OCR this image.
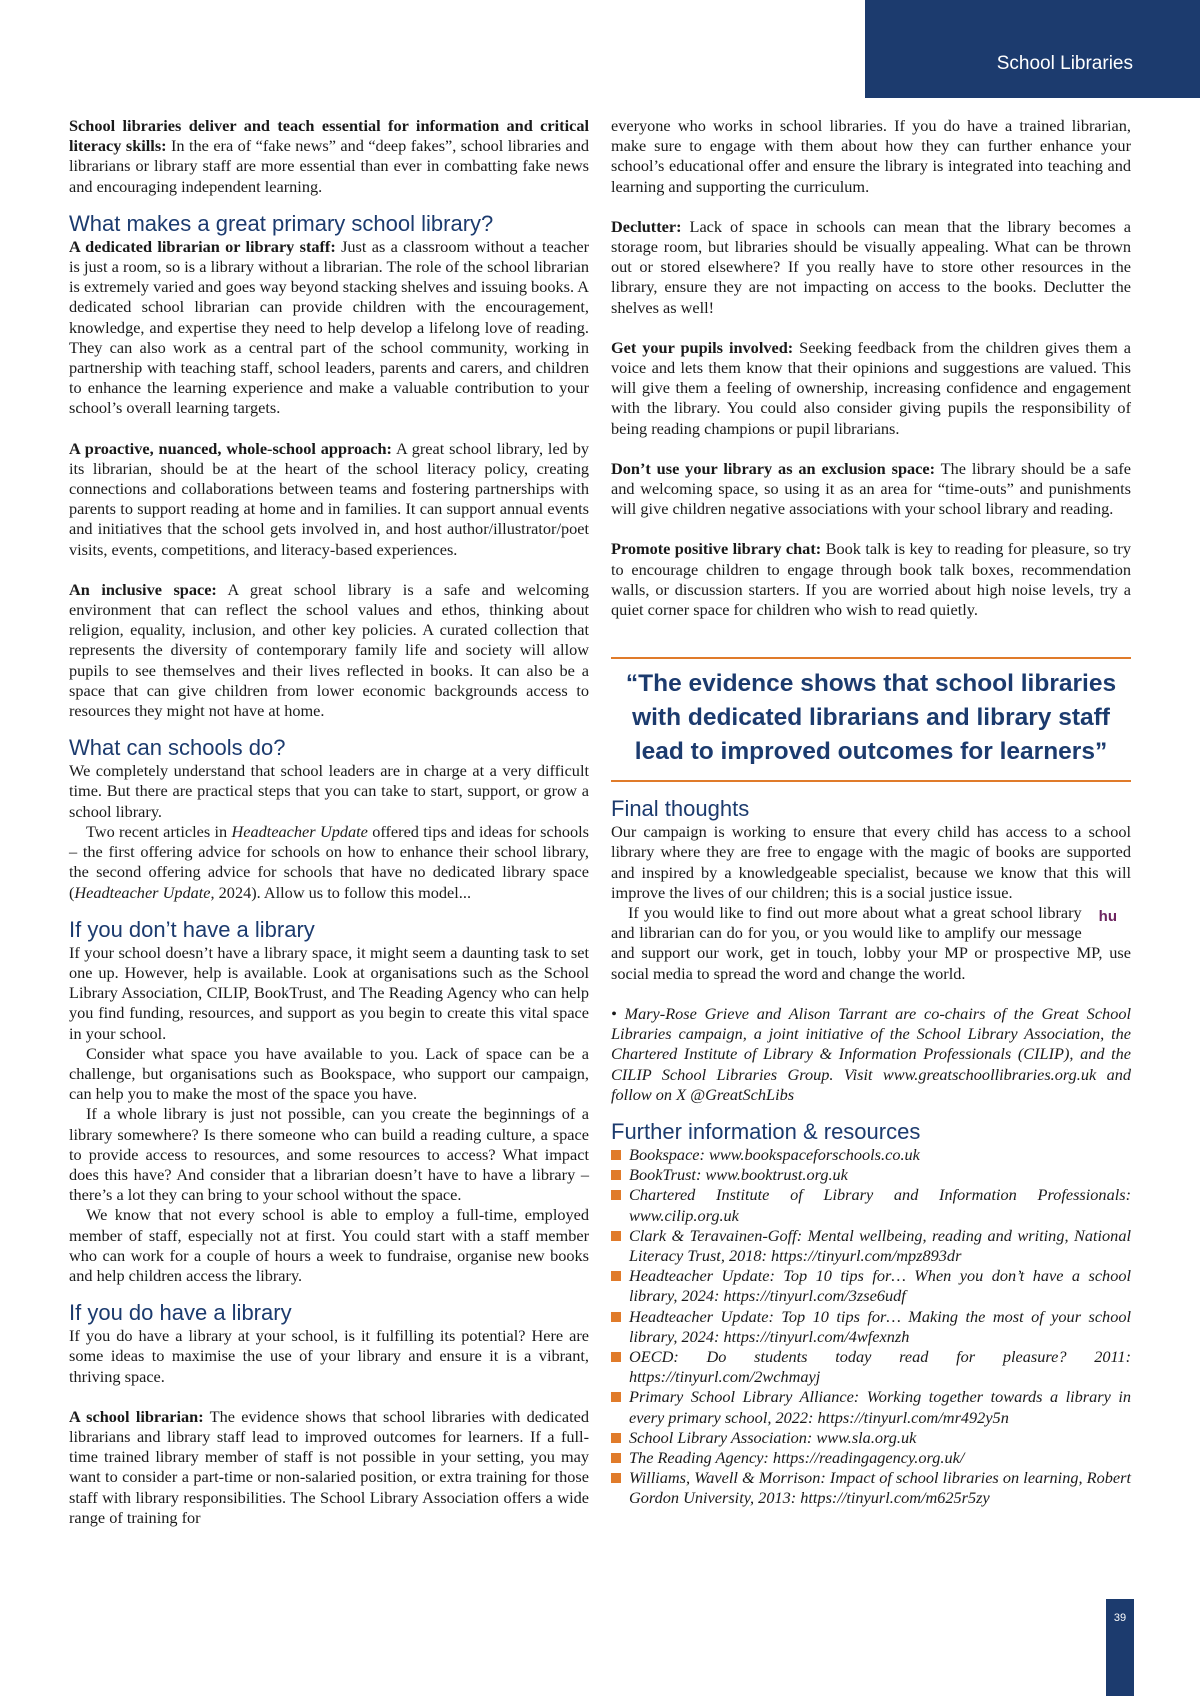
School Libraries

School libraries deliver and teach essential for information and critical literacy skills: In the era of “fake news” and “deep fakes”, school libraries and librarians or library staff are more essential than ever in combatting fake news and encouraging independent learning.

What makes a great primary school library?

A dedicated librarian or library staff: Just as a classroom without a teacher is just a room, so is a library without a librarian. The role of the school librarian is extremely varied and goes way beyond stacking shelves and issuing books. A dedicated school librarian can provide children with the encouragement, knowledge, and expertise they need to help develop a lifelong love of reading. They can also work as a central part of the school community, working in partnership with teaching staff, school leaders, parents and carers, and children to enhance the learning experience and make a valuable contribution to your school’s overall learning targets.

A proactive, nuanced, whole-school approach: A great school library, led by its librarian, should be at the heart of the school literacy policy, creating connections and collaborations between teams and fostering partnerships with parents to support reading at home and in families. It can support annual events and initiatives that the school gets involved in, and host author/illustrator/poet visits, events, competitions, and literacy-based experiences.

An inclusive space: A great school library is a safe and welcoming environment that can reflect the school values and ethos, thinking about religion, equality, inclusion, and other key policies. A curated collection that represents the diversity of contemporary family life and society will allow pupils to see themselves and their lives reflected in books. It can also be a space that can give children from lower economic backgrounds access to resources they might not have at home.

What can schools do?

We completely understand that school leaders are in charge at a very difficult time. But there are practical steps that you can take to start, support, or grow a school library.

Two recent articles in Headteacher Update offered tips and ideas for schools – the first offering advice for schools on how to enhance their school library, the second offering advice for schools that have no dedicated library space (Headteacher Update, 2024). Allow us to follow this model...

If you don’t have a library

If your school doesn’t have a library space, it might seem a daunting task to set one up. However, help is available. Look at organisations such as the School Library Association, CILIP, BookTrust, and The Reading Agency who can help you find funding, resources, and support as you begin to create this vital space in your school.

Consider what space you have available to you. Lack of space can be a challenge, but organisations such as Bookspace, who support our campaign, can help you to make the most of the space you have.

If a whole library is just not possible, can you create the beginnings of a library somewhere? Is there someone who can build a reading culture, a space to provide access to resources, and some resources to access? What impact does this have? And consider that a librarian doesn’t have to have a library – there’s a lot they can bring to your school without the space.

We know that not every school is able to employ a full-time, employed member of staff, especially not at first. You could start with a staff member who can work for a couple of hours a week to fundraise, organise new books and help children access the library.

If you do have a library

If you do have a library at your school, is it fulfilling its potential? Here are some ideas to maximise the use of your library and ensure it is a vibrant, thriving space.

A school librarian: The evidence shows that school libraries with dedicated librarians and library staff lead to improved outcomes for learners. If a full-time trained library member of staff is not possible in your setting, you may want to consider a part-time or non-salaried position, or extra training for those staff with library responsibilities. The School Library Association offers a wide range of training for

everyone who works in school libraries. If you do have a trained librarian, make sure to engage with them about how they can further enhance your school’s educational offer and ensure the library is integrated into teaching and learning and supporting the curriculum.

Declutter: Lack of space in schools can mean that the library becomes a storage room, but libraries should be visually appealing. What can be thrown out or stored elsewhere? If you really have to store other resources in the library, ensure they are not impacting on access to the books. Declutter the shelves as well!

Get your pupils involved: Seeking feedback from the children gives them a voice and lets them know that their opinions and suggestions are valued. This will give them a feeling of ownership, increasing confidence and engagement with the library. You could also consider giving pupils the responsibility of being reading champions or pupil librarians.

Don’t use your library as an exclusion space: The library should be a safe and welcoming space, so using it as an area for “time-outs” and punishments will give children negative associations with your school library and reading.

Promote positive library chat: Book talk is key to reading for pleasure, so try to encourage children to engage through book talk boxes, recommendation walls, or discussion starters. If you are worried about high noise levels, try a quiet corner space for children who wish to read quietly.

“The evidence shows that school libraries with dedicated librarians and library staff lead to improved outcomes for learners”
Final thoughts

Our campaign is working to ensure that every child has access to a school library where they are free to engage with the magic of books are supported and inspired by a knowledgeable specialist, because we know that this will improve the lives of our children; this is a social justice issue.

hu
If you would like to find out more about what a great school library and librarian can do for you, or you would like to amplify our message and support our work, get in touch, lobby your MP or prospective MP, use social media to spread the word and change the world.

• Mary-Rose Grieve and Alison Tarrant are co-chairs of the Great School Libraries campaign, a joint initiative of the School Library Association, the Chartered Institute of Library & Information Professionals (CILIP), and the CILIP School Libraries Group. Visit www.greatschoollibraries.org.uk and follow on X @GreatSchLibs

Further information & resources
Bookspace: www.bookspaceforschools.co.uk
BookTrust: www.booktrust.org.uk
Chartered Institute of Library and Information Professionals: www.cilip.org.uk
Clark & Teravainen-Goff: Mental wellbeing, reading and writing, National Literacy Trust, 2018: https://tinyurl.com/mpz893dr
Headteacher Update: Top 10 tips for… When you don’t have a school library, 2024: https://tinyurl.com/3zse6udf
Headteacher Update: Top 10 tips for… Making the most of your school library, 2024: https://tinyurl.com/4wfexnzh
OECD: Do students today read for pleasure? 2011: https://tinyurl.com/2wchmayj
Primary School Library Alliance: Working together towards a library in every primary school, 2022: https://tinyurl.com/mr492y5n
School Library Association: www.sla.org.uk
The Reading Agency: https://readingagency.org.uk/
Williams, Wavell & Morrison: Impact of school libraries on learning, Robert Gordon University, 2013: https://tinyurl.com/m625r5zy
39
